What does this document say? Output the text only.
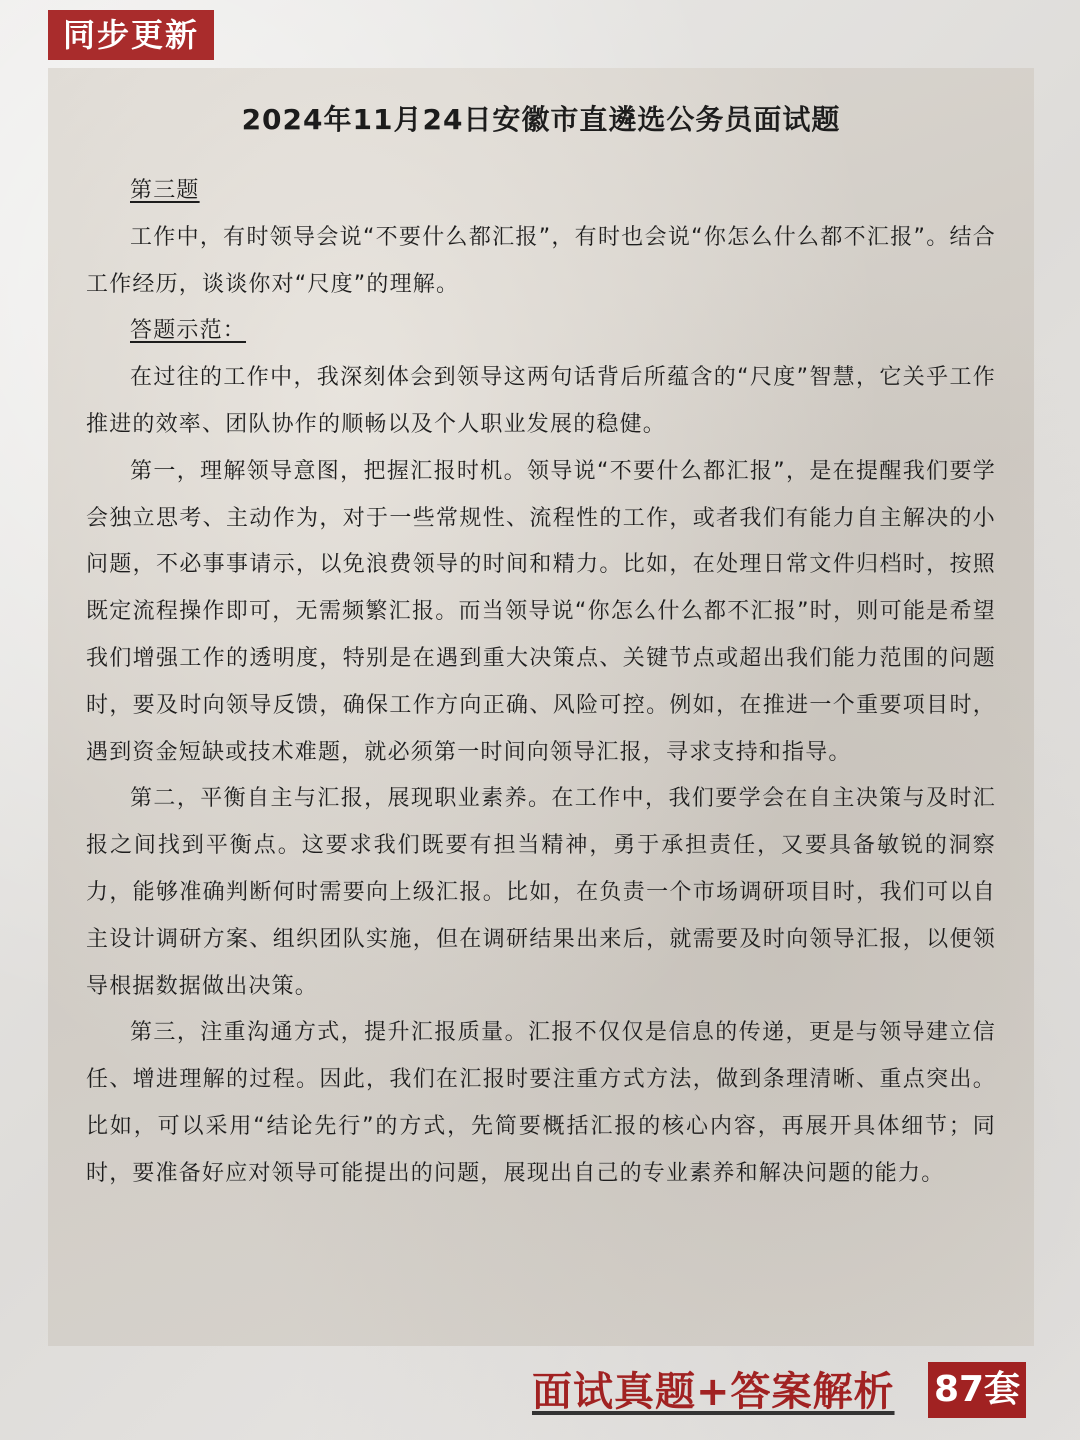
同步更新
2024年11月24日安徽市直遴选公务员面试题

第三题

工作中，有时领导会说“不要什么都汇报”，有时也会说“你怎么什么都不汇报”。结合工作经历，谈谈你对“尺度”的理解。

答题示范：

在过往的工作中，我深刻体会到领导这两句话背后所蕴含的“尺度”智慧，它关乎工作推进的效率、团队协作的顺畅以及个人职业发展的稳健。

第一，理解领导意图，把握汇报时机。领导说“不要什么都汇报”，是在提醒我们要学会独立思考、主动作为，对于一些常规性、流程性的工作，或者我们有能力自主解决的小问题，不必事事请示，以免浪费领导的时间和精力。比如，在处理日常文件归档时，按照既定流程操作即可，无需频繁汇报。而当领导说“你怎么什么都不汇报”时，则可能是希望我们增强工作的透明度，特别是在遇到重大决策点、关键节点或超出我们能力范围的问题时，要及时向领导反馈，确保工作方向正确、风险可控。例如，在推进一个重要项目时，遇到资金短缺或技术难题，就必须第一时间向领导汇报，寻求支持和指导。

第二，平衡自主与汇报，展现职业素养。在工作中，我们要学会在自主决策与及时汇报之间找到平衡点。这要求我们既要有担当精神，勇于承担责任，又要具备敏锐的洞察力，能够准确判断何时需要向上级汇报。比如，在负责一个市场调研项目时，我们可以自主设计调研方案、组织团队实施，但在调研结果出来后，就需要及时向领导汇报，以便领导根据数据做出决策。

第三，注重沟通方式，提升汇报质量。汇报不仅仅是信息的传递，更是与领导建立信任、增进理解的过程。因此，我们在汇报时要注重方式方法，做到条理清晰、重点突出。比如，可以采用“结论先行”的方式，先简要概括汇报的核心内容，再展开具体细节；同时，要准备好应对领导可能提出的问题，展现出自己的专业素养和解决问题的能力。

面试真题+答案解析 87套
